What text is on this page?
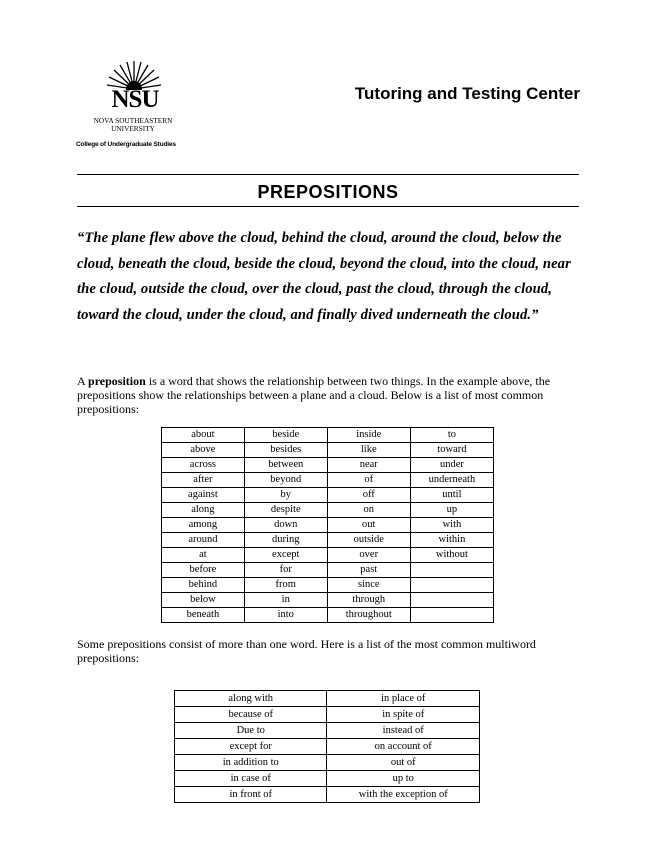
NSU
NOVA SOUTHEASTERN
UNIVERSITY
College of Undergraduate Studies
Tutoring and Testing Center
PREPOSITIONS
“The plane flew above the cloud, behind the cloud, around the cloud, below the cloud, beneath the cloud, beside the cloud, beyond the cloud, into the cloud, near the cloud, outside the cloud, over the cloud, past the cloud, through the cloud, toward the cloud, under the cloud, and finally dived underneath the cloud.”
A preposition is a word that shows the relationship between two things. In the example above, the prepositions show the relationships between a plane and a cloud. Below is a list of most common prepositions:
about	beside	inside	to
above	besides	like	toward
across	between	near	under
after	beyond	of	underneath
against	by	off	until
along	despite	on	up
among	down	out	with
around	during	outside	within
at	except	over	without
before	for	past	
behind	from	since	
below	in	through	
beneath	into	throughout	
Some prepositions consist of more than one word. Here is a list of the most common multiword prepositions:
along with	in place of
because of	in spite of
Due to	instead of
except for	on account of
in addition to	out of
in case of	up to
in front of	with the exception of
